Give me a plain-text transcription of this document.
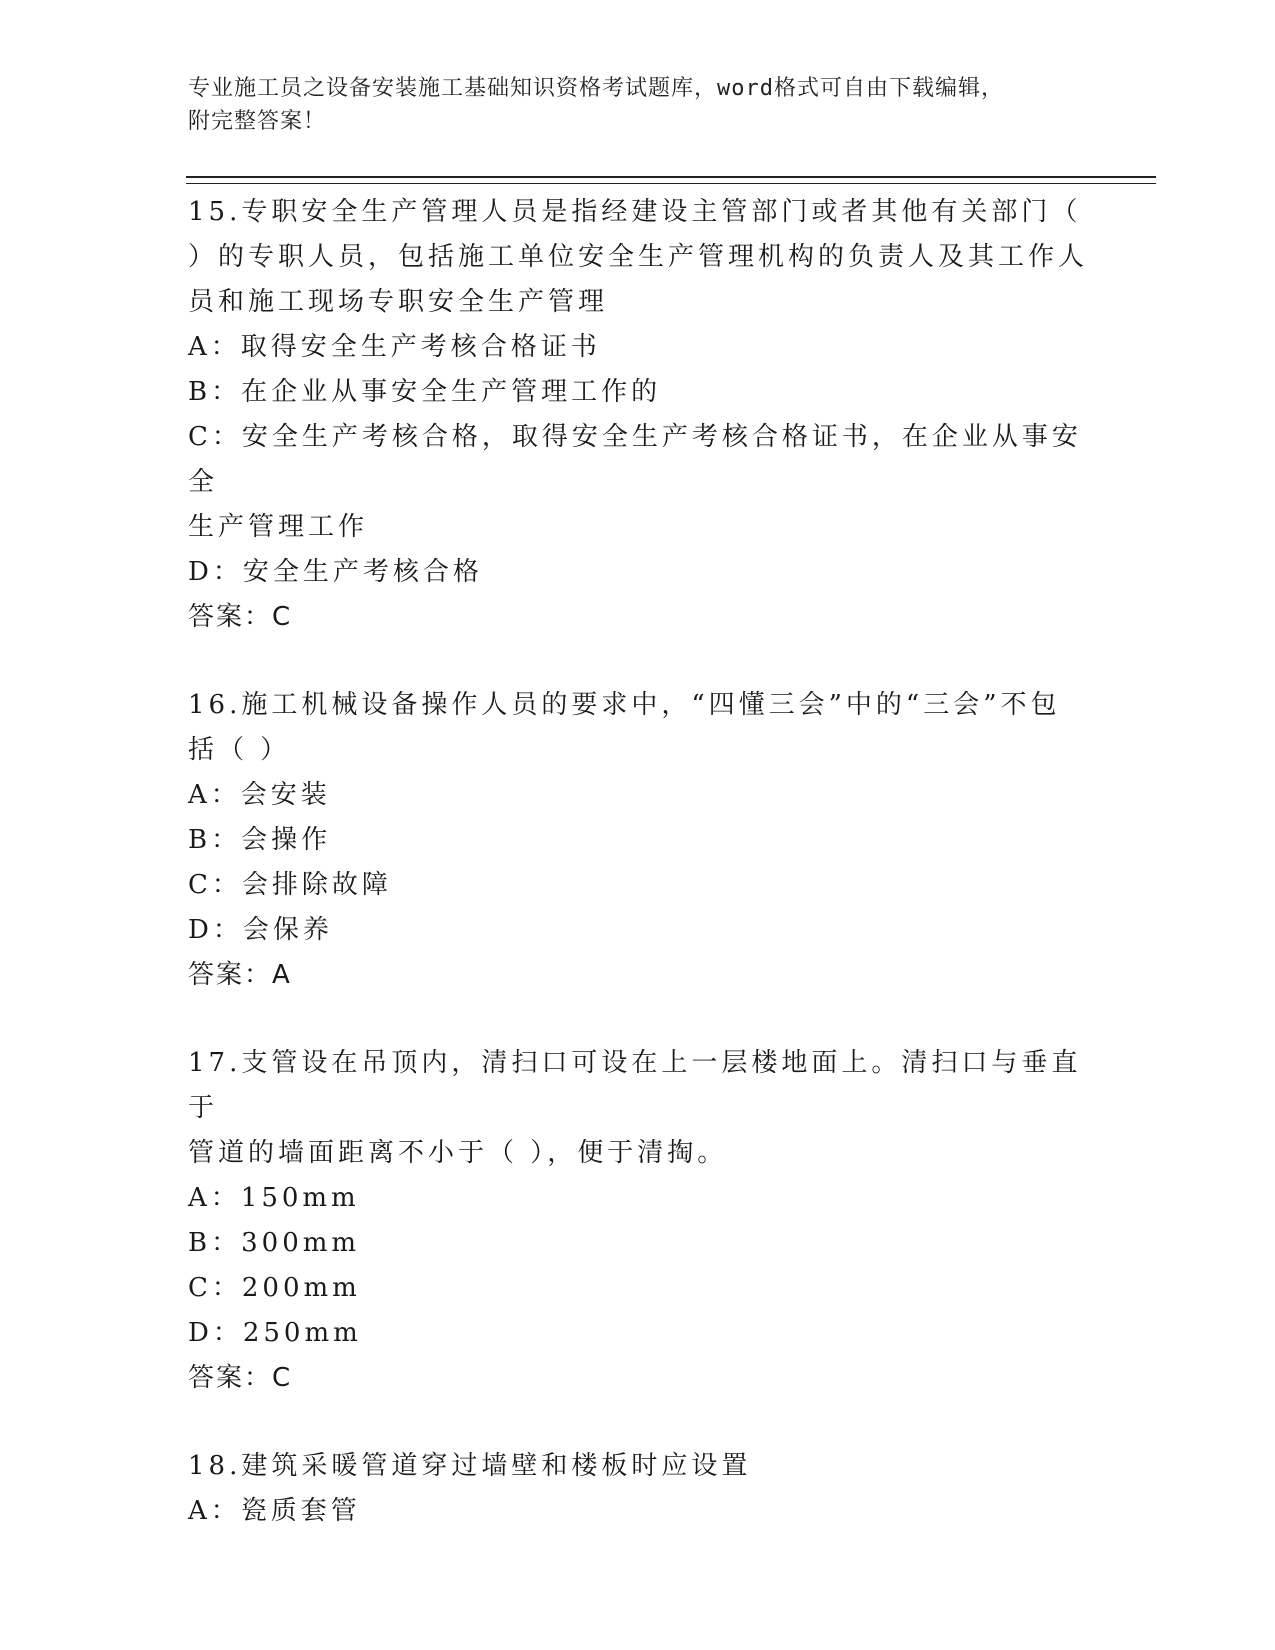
专业施工员之设备安装施工基础知识资格考试题库，word格式可自由下载编辑，
附完整答案！
15.专职安全生产管理人员是指经建设主管部门或者其他有关部门（
）的专职人员，包括施工单位安全生产管理机构的负责人及其工作人
员和施工现场专职安全生产管理
A：取得安全生产考核合格证书
B：在企业从事安全生产管理工作的
C：安全生产考核合格，取得安全生产考核合格证书，在企业从事安全
生产管理工作
D：安全生产考核合格
答案：C
16.施工机械设备操作人员的要求中，“四懂三会”中的“三会”不包
括（ ）
A：会安装
B：会操作
C：会排除故障
D：会保养
答案：A
17.支管设在吊顶内，清扫口可设在上一层楼地面上。清扫口与垂直于
管道的墙面距离不小于（ ），便于清掏。
A：150mm
B：300mm
C：200mm
D：250mm
答案：C
18.建筑采暖管道穿过墙壁和楼板时应设置
A：瓷质套管
